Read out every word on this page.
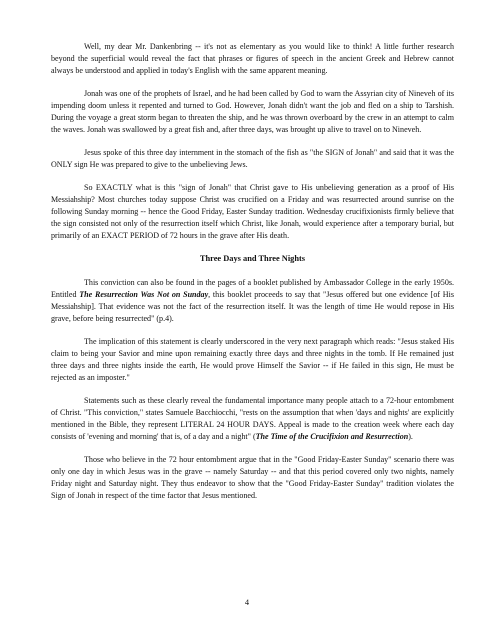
Well, my dear Mr. Dankenbring -- it's not as elementary as you would like to think! A little further research beyond the superficial would reveal the fact that phrases or figures of speech in the ancient Greek and Hebrew cannot always be understood and applied in today's English with the same apparent meaning.

Jonah was one of the prophets of Israel, and he had been called by God to warn the Assyrian city of Nineveh of its impending doom unless it repented and turned to God. However, Jonah didn't want the job and fled on a ship to Tarshish. During the voyage a great storm began to threaten the ship, and he was thrown overboard by the crew in an attempt to calm the waves. Jonah was swallowed by a great fish and, after three days, was brought up alive to travel on to Nineveh.

Jesus spoke of this three day internment in the stomach of the fish as "the SIGN of Jonah" and said that it was the ONLY sign He was prepared to give to the unbelieving Jews.

So EXACTLY what is this "sign of Jonah" that Christ gave to His unbelieving generation as a proof of His Messiahship? Most churches today suppose Christ was crucified on a Friday and was resurrected around sunrise on the following Sunday morning -- hence the Good Friday, Easter Sunday tradition. Wednesday crucifixionists firmly believe that the sign consisted not only of the resurrection itself which Christ, like Jonah, would experience after a temporary burial, but primarily of an EXACT PERIOD of 72 hours in the grave after His death.

Three Days and Three Nights

This conviction can also be found in the pages of a booklet published by Ambassador College in the early 1950s. Entitled The Resurrection Was Not on Sunday, this booklet proceeds to say that "Jesus offered but one evidence [of His Messiahship]. That evidence was not the fact of the resurrection itself. It was the length of time He would repose in His grave, before being resurrected" (p.4).

The implication of this statement is clearly underscored in the very next paragraph which reads: "Jesus staked His claim to being your Savior and mine upon remaining exactly three days and three nights in the tomb. If He remained just three days and three nights inside the earth, He would prove Himself the Savior -- if He failed in this sign, He must be rejected as an imposter."

Statements such as these clearly reveal the fundamental importance many people attach to a 72-hour entombment of Christ. "This conviction," states Samuele Bacchiocchi, "rests on the assumption that when 'days and nights' are explicitly mentioned in the Bible, they represent LITERAL 24 HOUR DAYS. Appeal is made to the creation week where each day consists of 'evening and morning' that is, of a day and a night" (The Time of the Crucifixion and Resurrection).

Those who believe in the 72 hour entombment argue that in the "Good Friday-Easter Sunday" scenario there was only one day in which Jesus was in the grave -- namely Saturday -- and that this period covered only two nights, namely Friday night and Saturday night. They thus endeavor to show that the "Good Friday-Easter Sunday" tradition violates the Sign of Jonah in respect of the time factor that Jesus mentioned.

4
